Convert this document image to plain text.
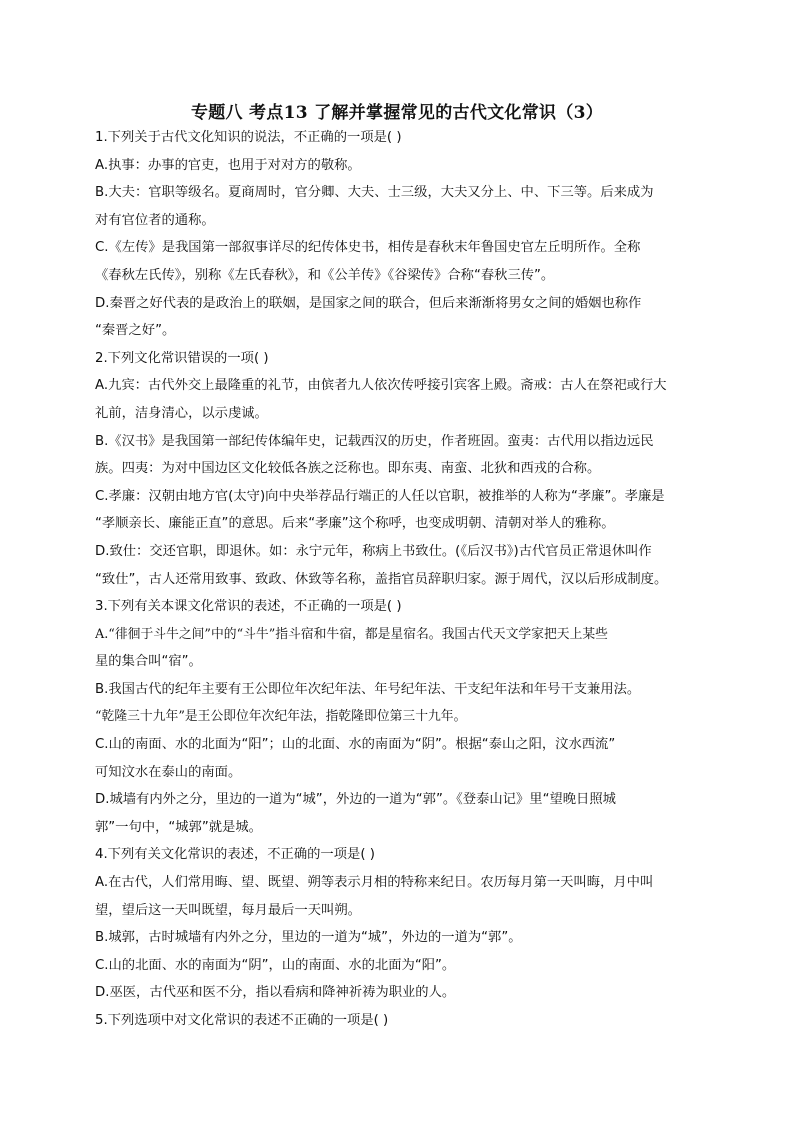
专题八 考点13 了解并掌握常见的古代文化常识（3）
1.下列关于古代文化知识的说法，不正确的一项是( )
A.执事：办事的官吏，也用于对对方的敬称。
B.大夫：官职等级名。夏商周时，官分卿、大夫、士三级，大夫又分上、中、下三等。后来成为
对有官位者的通称。
C.《左传》是我国第一部叙事详尽的纪传体史书，相传是春秋末年鲁国史官左丘明所作。全称
《春秋左氏传》，别称《左氏春秋》，和《公羊传》《谷梁传》合称“春秋三传”。
D.秦晋之好代表的是政治上的联姻，是国家之间的联合，但后来渐渐将男女之间的婚姻也称作
“秦晋之好”。
2.下列文化常识错误的一项( )
A.九宾：古代外交上最隆重的礼节，由傧者九人依次传呼接引宾客上殿。斋戒：古人在祭祀或行大
礼前，洁身清心，以示虔诚。
B.《汉书》是我国第一部纪传体编年史，记载西汉的历史，作者班固。蛮夷：古代用以指边远民
族。四夷：为对中国边区文化较低各族之泛称也。即东夷、南蛮、北狄和西戎的合称。
C.孝廉：汉朝由地方官(太守)向中央举荐品行端正的人任以官职，被推举的人称为“孝廉”。孝廉是
“孝顺亲长、廉能正直”的意思。后来“孝廉”这个称呼，也变成明朝、清朝对举人的雅称。
D.致仕：交还官职，即退休。如：永宁元年，称病上书致仕。(《后汉书》)古代官员正常退休叫作
“致仕”，古人还常用致事、致政、休致等名称，盖指官员辞职归家。源于周代，汉以后形成制度。
3.下列有关本课文化常识的表述，不正确的一项是( )
A.“徘徊于斗牛之间”中的“斗牛”指斗宿和牛宿，都是星宿名。我国古代天文学家把天上某些
星的集合叫“宿”。
B.我国古代的纪年主要有王公即位年次纪年法、年号纪年法、干支纪年法和年号干支兼用法。
“乾隆三十九年”是王公即位年次纪年法，指乾隆即位第三十九年。
C.山的南面、水的北面为“阳”；山的北面、水的南面为“阴”。根据“泰山之阳，汶水西流”
可知汶水在泰山的南面。
D.城墙有内外之分，里边的一道为“城”，外边的一道为“郭”。《登泰山记》里“望晚日照城
郭”一句中，“城郭”就是城。
4.下列有关文化常识的表述，不正确的一项是( )
A.在古代，人们常用晦、望、既望、朔等表示月相的特称来纪日。农历每月第一天叫晦，月中叫
望，望后这一天叫既望，每月最后一天叫朔。
B.城郭，古时城墙有内外之分，里边的一道为“城”，外边的一道为“郭”。
C.山的北面、水的南面为“阴”，山的南面、水的北面为“阳”。
D.巫医，古代巫和医不分，指以看病和降神祈祷为职业的人。
5.下列选项中对文化常识的表述不正确的一项是( )
